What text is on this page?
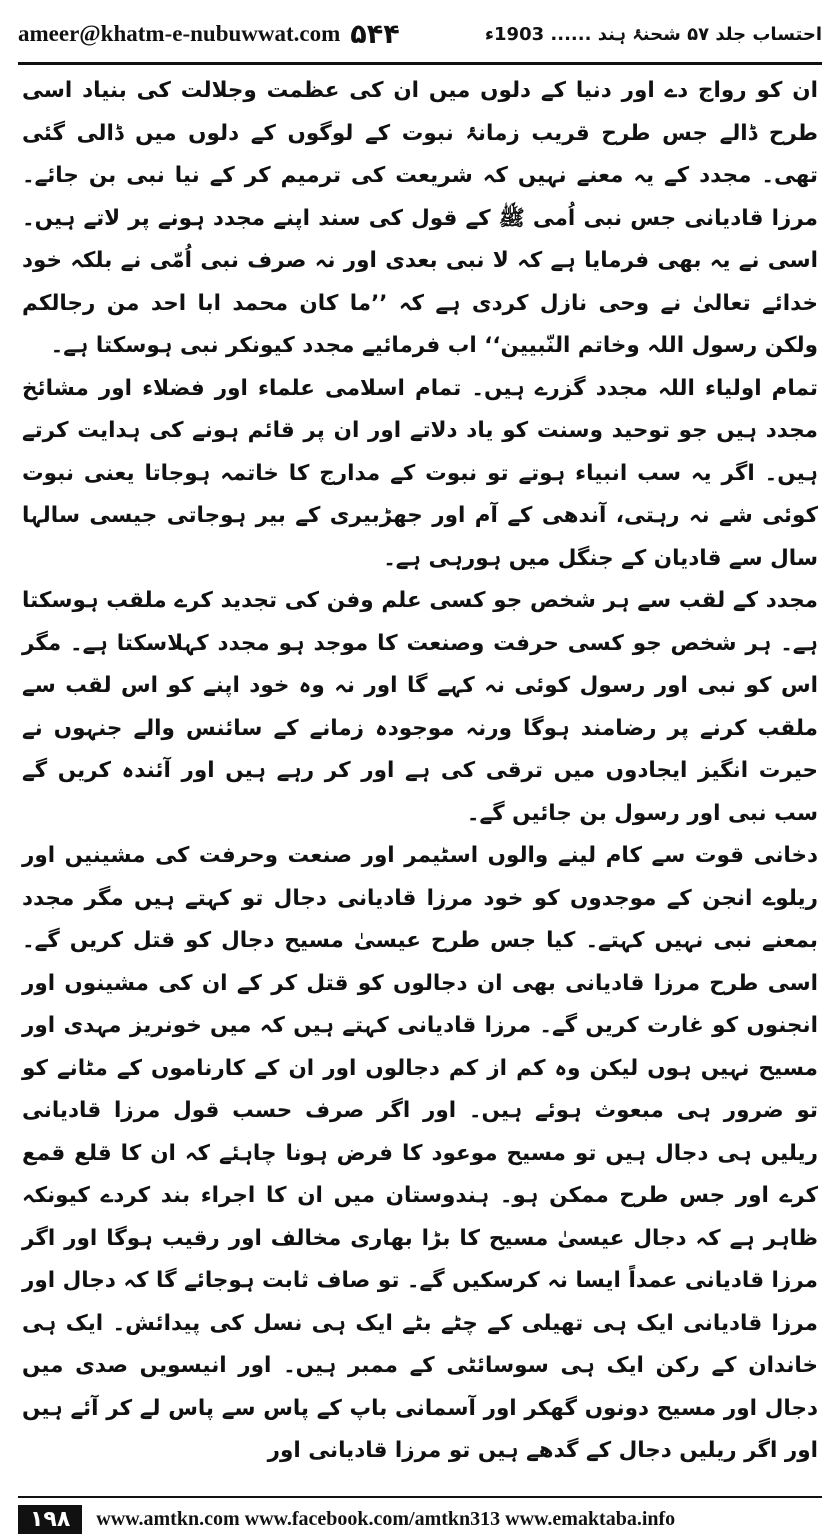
ameer@khatm-e-nubuwwat.com ۵۴۴	احتساب جلد ۵۷ شحنۂ ہند ...... 1903ء

ان کو رواج دے اور دنیا کے دلوں میں ان کی عظمت وجلالت کی بنیاد اسی طرح ڈالے جس طرح قریب زمانۂ نبوت کے لوگوں کے دلوں میں ڈالی گئی تھی۔ مجدد کے یہ معنے نہیں کہ شریعت کی ترمیم کر کے نیا نبی بن جائے۔ مرزا قادیانی جس نبی اُمی ﷺ کے قول کی سند اپنے مجدد ہونے پر لاتے ہیں۔ اسی نے یہ بھی فرمایا ہے کہ لا نبی بعدی اور نہ صرف نبی اُمّی نے بلکہ خود خدائے تعالیٰ نے وحی نازل کردی ہے کہ ’’ما کان محمد ابا احد من رجالکم ولکن رسول اللہ وخاتم النّبیین‘‘ اب فرمائیے مجدد کیونکر نبی ہوسکتا ہے۔

تمام اولیاء اللہ مجدد گزرے ہیں۔ تمام اسلامی علماء اور فضلاء اور مشائخ مجدد ہیں جو توحید وسنت کو یاد دلاتے اور ان پر قائم ہونے کی ہدایت کرتے ہیں۔ اگر یہ سب انبیاء ہوتے تو نبوت کے مدارج کا خاتمہ ہوجاتا یعنی نبوت کوئی شے نہ رہتی، آندھی کے آم اور جھڑبیری کے بیر ہوجاتی جیسی سالہا سال سے قادیان کے جنگل میں ہورہی ہے۔

مجدد کے لقب سے ہر شخص جو کسی علم وفن کی تجدید کرے ملقب ہوسکتا ہے۔ ہر شخص جو کسی حرفت وصنعت کا موجد ہو مجدد کہلاسکتا ہے۔ مگر اس کو نبی اور رسول کوئی نہ کہے گا اور نہ وہ خود اپنے کو اس لقب سے ملقب کرنے پر رضامند ہوگا ورنہ موجودہ زمانے کے سائنس والے جنہوں نے حیرت انگیز ایجادوں میں ترقی کی ہے اور کر رہے ہیں اور آئندہ کریں گے سب نبی اور رسول بن جائیں گے۔

دخانی قوت سے کام لینے والوں اسٹیمر اور صنعت وحرفت کی مشینیں اور ریلوے انجن کے موجدوں کو خود مرزا قادیانی دجال تو کہتے ہیں مگر مجدد بمعنے نبی نہیں کہتے۔ کیا جس طرح عیسیٰ مسیح دجال کو قتل کریں گے۔ اسی طرح مرزا قادیانی بھی ان دجالوں کو قتل کر کے ان کی مشینوں اور انجنوں کو غارت کریں گے۔ مرزا قادیانی کہتے ہیں کہ میں خونریز مہدی اور مسیح نہیں ہوں لیکن وہ کم از کم دجالوں اور ان کے کارناموں کے مٹانے کو تو ضرور ہی مبعوث ہوئے ہیں۔ اور اگر صرف حسب قول مرزا قادیانی ریلیں ہی دجال ہیں تو مسیح موعود کا فرض ہونا چاہئے کہ ان کا قلع قمع کرے اور جس طرح ممکن ہو۔ ہندوستان میں ان کا اجراء بند کردے کیونکہ ظاہر ہے کہ دجال عیسیٰ مسیح کا بڑا بھاری مخالف اور رقیب ہوگا اور اگر مرزا قادیانی عمداً ایسا نہ کرسکیں گے۔ تو صاف ثابت ہوجائے گا کہ دجال اور مرزا قادیانی ایک ہی تھیلی کے چٹے بٹے ایک ہی نسل کی پیدائش۔ ایک ہی خاندان کے رکن ایک ہی سوسائٹی کے ممبر ہیں۔ اور انیسویں صدی میں دجال اور مسیح دونوں گھکر اور آسمانی باپ کے پاس سے پاس لے کر آئے ہیں اور اگر ریلیں دجال کے گدھے ہیں تو مرزا قادیانی اور

۱۹۸	www.amtkn.com www.facebook.com/amtkn313 www.emaktaba.info
